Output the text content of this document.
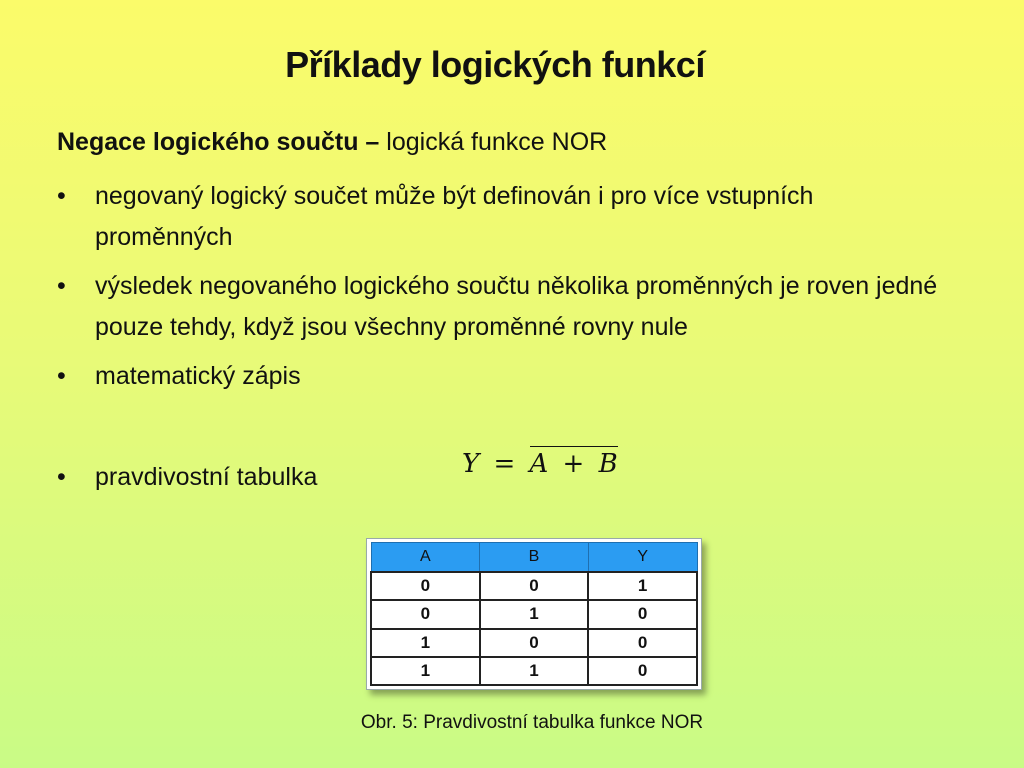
Příklady logických funkcí
Negace logického součtu – logická funkce NOR
• negovaný logický součet může být definován i pro více vstupních proměnných
• výsledek negovaného logického součtu několika proměnných je roven jedné pouze tehdy, když jsou všechny proměnné rovny nule
• matematický zápis
• pravdivostní tabulka	Y = A + B
A	B	Y
0	0	1
0	1	0
1	0	0
1	1	0
Obr. 5: Pravdivostní tabulka funkce NOR
